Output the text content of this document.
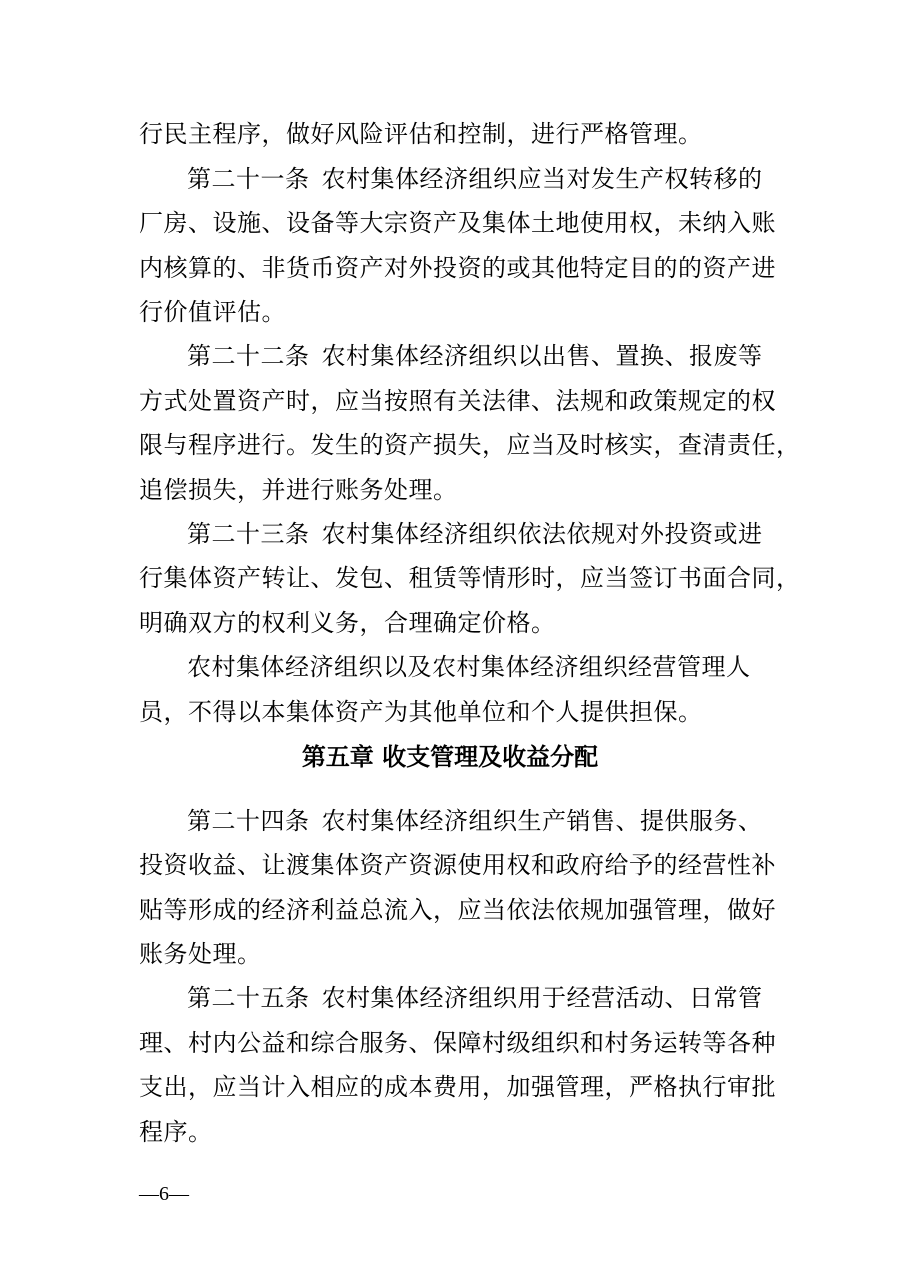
行民主程序，做好风险评估和控制，进行严格管理。
第二十一条 农村集体经济组织应当对发生产权转移的
厂房、设施、设备等大宗资产及集体土地使用权，未纳入账
内核算的、非货币资产对外投资的或其他特定目的的资产进
行价值评估。
第二十二条 农村集体经济组织以出售、置换、报废等
方式处置资产时，应当按照有关法律、法规和政策规定的权
限与程序进行。发生的资产损失，应当及时核实，查清责任，
追偿损失，并进行账务处理。
第二十三条 农村集体经济组织依法依规对外投资或进
行集体资产转让、发包、租赁等情形时，应当签订书面合同，
明确双方的权利义务，合理确定价格。
农村集体经济组织以及农村集体经济组织经营管理人
员，不得以本集体资产为其他单位和个人提供担保。
第五章 收支管理及收益分配
第二十四条 农村集体经济组织生产销售、提供服务、
投资收益、让渡集体资产资源使用权和政府给予的经营性补
贴等形成的经济利益总流入，应当依法依规加强管理，做好
账务处理。
第二十五条 农村集体经济组织用于经营活动、日常管
理、村内公益和综合服务、保障村级组织和村务运转等各种
支出，应当计入相应的成本费用，加强管理，严格执行审批
程序。
—6—
